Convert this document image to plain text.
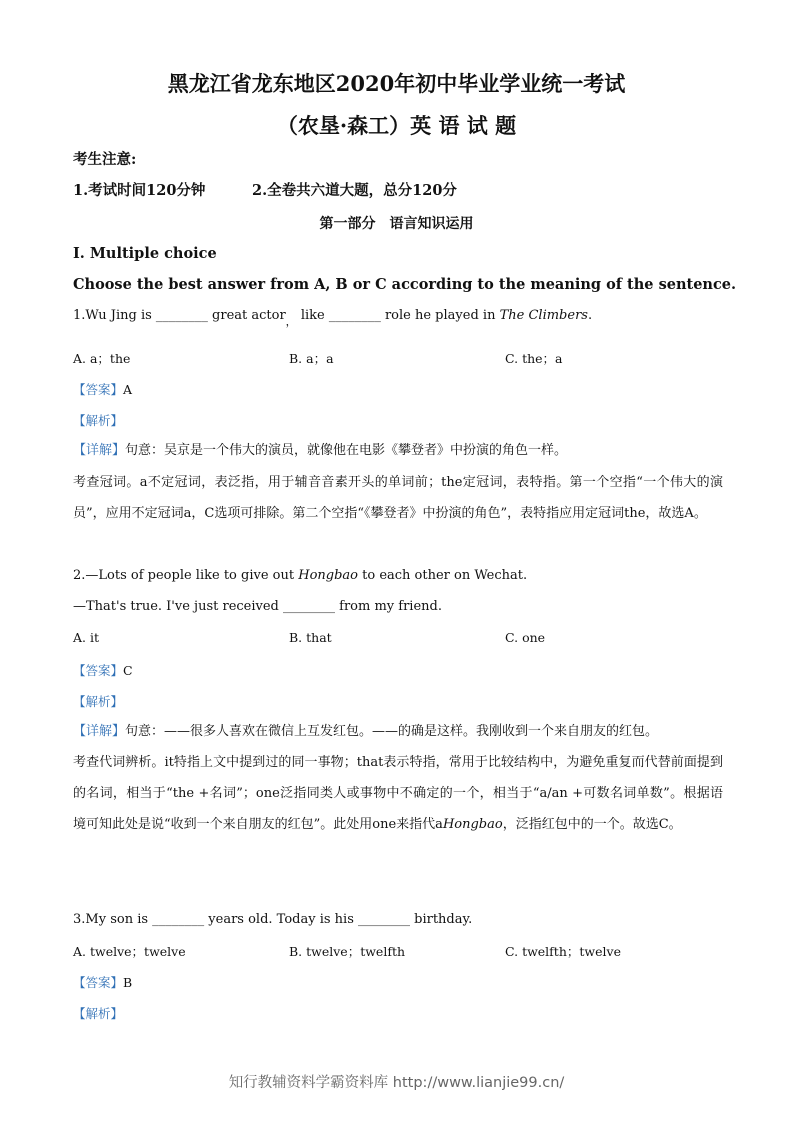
黑龙江省龙东地区2020年初中毕业学业统一考试
（农垦·森工）英 语 试 题
考生注意:
1.考试时间120分钟	2.全卷共六道大题，总分120分
第一部分　语言知识运用
I. Multiple choice
Choose the best answer from A, B or C according to the meaning of the sentence.
1.Wu Jing is ________ great actor$_,$ like ________ role he played in The Climbers.
A. a；the	B. a；a	C. the；a
【答案】A
【解析】
【详解】句意：吴京是一个伟大的演员，就像他在电影《攀登者》中扮演的角色一样。
考查冠词。a不定冠词，表泛指，用于辅音音素开头的单词前；the定冠词，表特指。第一个空指“一个伟大的演员”，应用不定冠词a，C选项可排除。第二个空指“《攀登者》中扮演的角色”，表特指应用定冠词the，故选A。
2.—Lots of people like to give out Hongbao to each other on Wechat.
—That's true. I've just received ________ from my friend.
A. it	B. that	C. one
【答案】C
【解析】
【详解】句意：——很多人喜欢在微信上互发红包。——的确是这样。我刚收到一个来自朋友的红包。
考查代词辨析。it特指上文中提到过的同一事物；that表示特指，常用于比较结构中，为避免重复而代替前面提到的名词，相当于“the +名词”；one泛指同类人或事物中不确定的一个，相当于“a/an +可数名词单数”。根据语境可知此处是说“收到一个来自朋友的红包”。此处用one来指代aHongbao，泛指红包中的一个。故选C。
3.My son is ________ years old. Today is his ________ birthday.
A. twelve；twelve	B. twelve；twelfth	C. twelfth；twelve
【答案】B
【解析】
知行教辅资料学霸资料库 http://www.lianjie99.cn/
